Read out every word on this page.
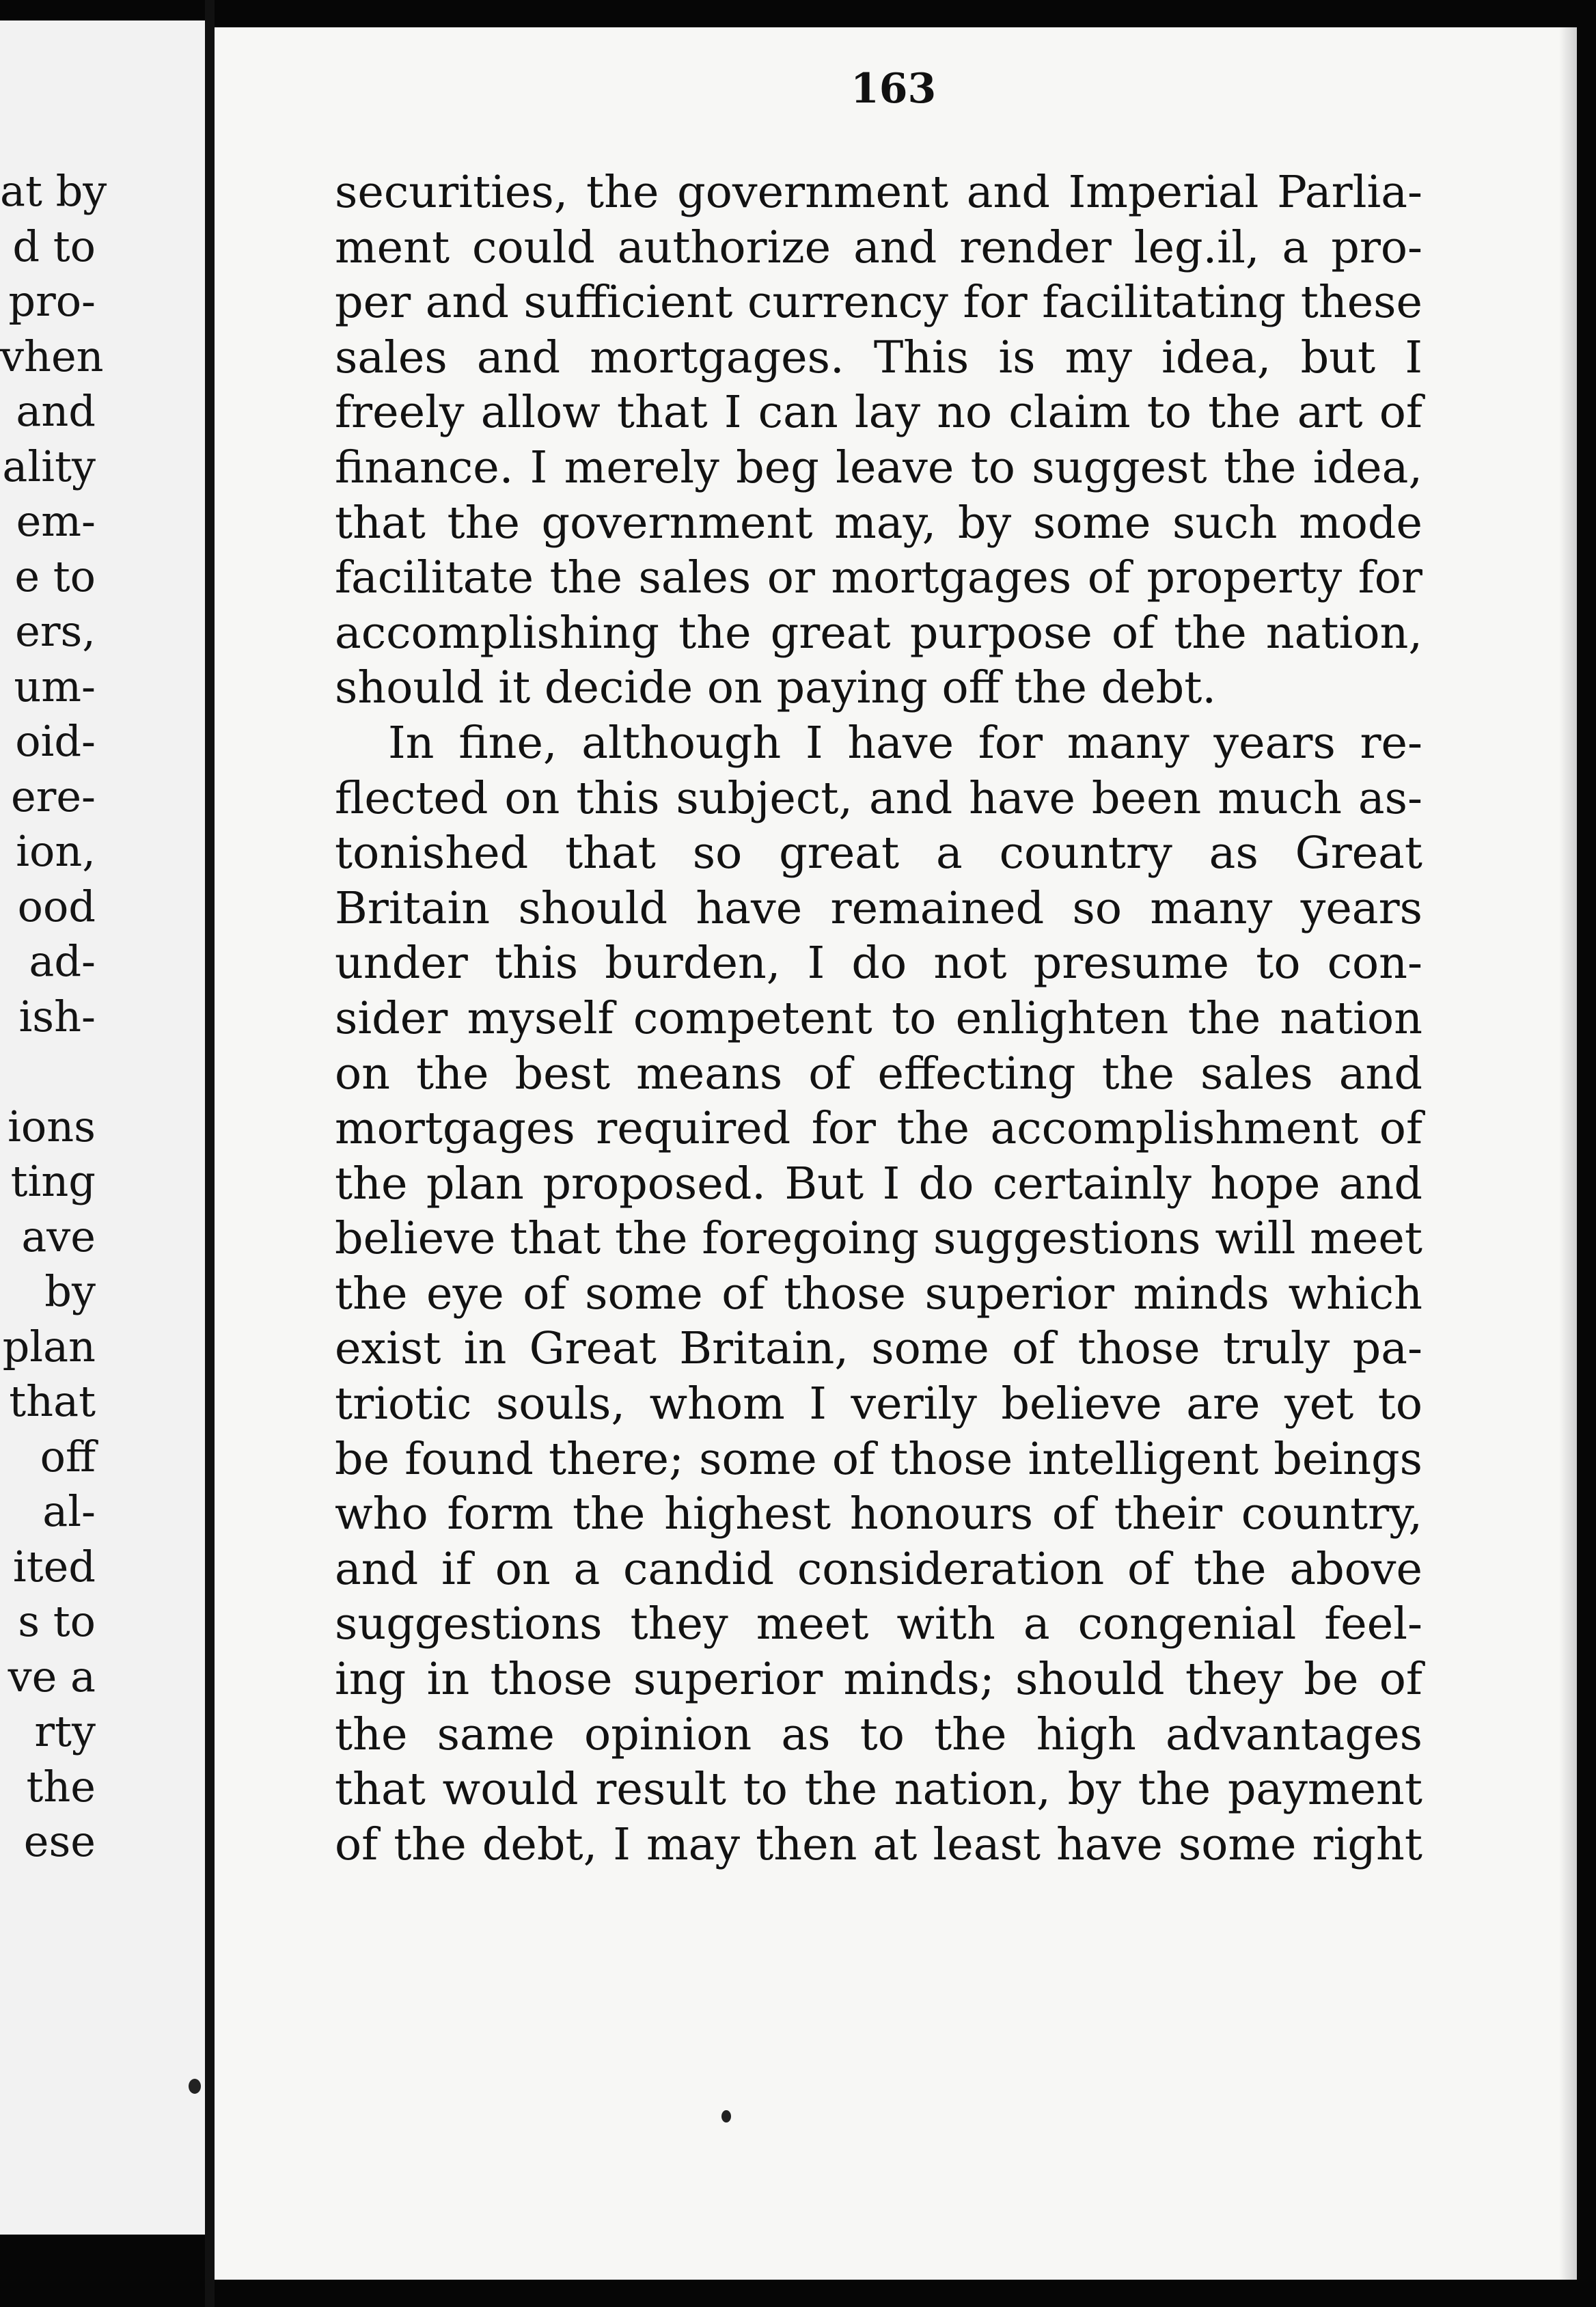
at by
d to
pro-
vhen
and
ality
em-
e to
ers,
um-
oid-
ere-
ion,
ood
ad-
ish-
ions
ting
ave
by
plan
that
off
al-
ited
s to
ve a
rty
the
ese
163
securities, the government and Imperial Parlia-
ment could authorize and render leg.il, a pro-
per and sufficient currency for facilitating these
sales and mortgages. This is my idea, but I
freely allow that I can lay no claim to the art of
finance. I merely beg leave to suggest the idea,
that the government may, by some such mode
facilitate the sales or mortgages of property for
accomplishing the great purpose of the nation,
should it decide on paying off the debt.
In fine, although I have for many years re-
flected on this subject, and have been much as-
tonished that so great a country as Great
Britain should have remained so many years
under this burden, I do not presume to con-
sider myself competent to enlighten the nation
on the best means of effecting the sales and
mortgages required for the accomplishment of
the plan proposed. But I do certainly hope and
believe that the foregoing suggestions will meet
the eye of some of those superior minds which
exist in Great Britain, some of those truly pa-
triotic souls, whom I verily believe are yet to
be found there; some of those intelligent beings
who form the highest honours of their country,
and if on a candid consideration of the above
suggestions they meet with a congenial feel-
ing in those superior minds; should they be of
the same opinion as to the high advantages
that would result to the nation, by the payment
of the debt, I may then at least have some right
